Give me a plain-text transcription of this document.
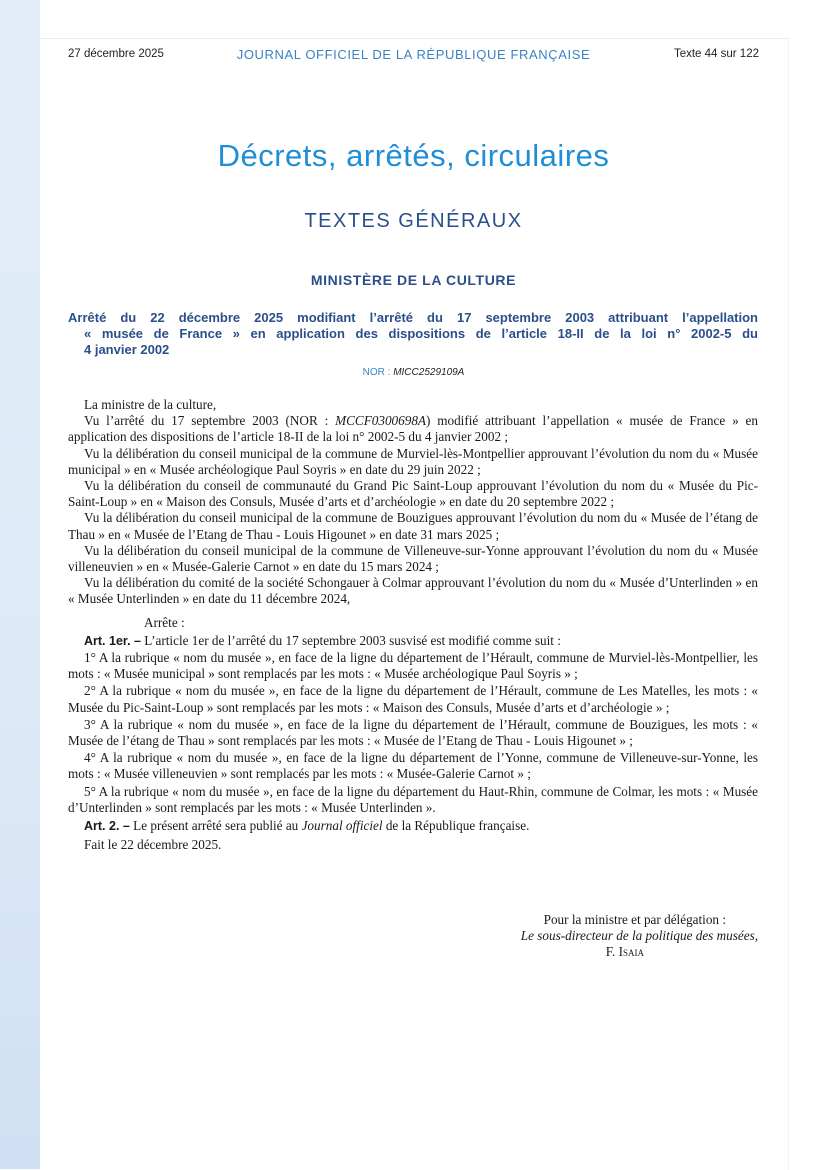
27 décembre 2025	JOURNAL OFFICIEL DE LA RÉPUBLIQUE FRANÇAISE	Texte 44 sur 122
Décrets, arrêtés, circulaires
TEXTES GÉNÉRAUX
MINISTÈRE DE LA CULTURE
Arrêté du 22 décembre 2025 modifiant l’arrêté du 17 septembre 2003 attribuant l’appellation
« musée de France » en application des dispositions de l’article 18-II de la loi n° 2002-5 du
4 janvier 2002
NOR : MICC2529109A

La ministre de la culture,

Vu l’arrêté du 17 septembre 2003 (NOR : MCCF0300698A) modifié attribuant l’appellation « musée de France » en application des dispositions de l’article 18-II de la loi n° 2002-5 du 4 janvier 2002 ;

Vu la délibération du conseil municipal de la commune de Murviel-lès-Montpellier approuvant l’évolution du nom du « Musée municipal » en « Musée archéologique Paul Soyris » en date du 29 juin 2022 ;

Vu la délibération du conseil de communauté du Grand Pic Saint-Loup approuvant l’évolution du nom du « Musée du Pic-Saint-Loup » en « Maison des Consuls, Musée d’arts et d’archéologie » en date du 20 septembre 2022 ;

Vu la délibération du conseil municipal de la commune de Bouzigues approuvant l’évolution du nom du « Musée de l’étang de Thau » en « Musée de l’Etang de Thau - Louis Higounet » en date 31 mars 2025 ;

Vu la délibération du conseil municipal de la commune de Villeneuve-sur-Yonne approuvant l’évolution du nom du « Musée villeneuvien » en « Musée-Galerie Carnot » en date du 15 mars 2024 ;

Vu la délibération du comité de la société Schongauer à Colmar approuvant l’évolution du nom du « Musée d’Unterlinden » en « Musée Unterlinden » en date du 11 décembre 2024,

Arrête :

Art. 1er. – L’article 1er de l’arrêté du 17 septembre 2003 susvisé est modifié comme suit :

1° A la rubrique « nom du musée », en face de la ligne du département de l’Hérault, commune de Murviel-lès-Montpellier, les mots : « Musée municipal » sont remplacés par les mots : « Musée archéologique Paul Soyris » ;

2° A la rubrique « nom du musée », en face de la ligne du département de l’Hérault, commune de Les Matelles, les mots : « Musée du Pic-Saint-Loup » sont remplacés par les mots : « Maison des Consuls, Musée d’arts et d’archéologie » ;

3° A la rubrique « nom du musée », en face de la ligne du département de l’Hérault, commune de Bouzigues, les mots : « Musée de l’étang de Thau » sont remplacés par les mots : « Musée de l’Etang de Thau - Louis Higounet » ;

4° A la rubrique « nom du musée », en face de la ligne du département de l’Yonne, commune de Villeneuve-sur-Yonne, les mots : « Musée villeneuvien » sont remplacés par les mots : « Musée-Galerie Carnot » ;

5° A la rubrique « nom du musée », en face de la ligne du département du Haut-Rhin, commune de Colmar, les mots : « Musée d’Unterlinden » sont remplacés par les mots : « Musée Unterlinden ».

Art. 2. – Le présent arrêté sera publié au Journal officiel de la République française.

Fait le 22 décembre 2025.

Pour la ministre et par délégation :
Le sous-directeur de la politique des musées,
F. Isaia
